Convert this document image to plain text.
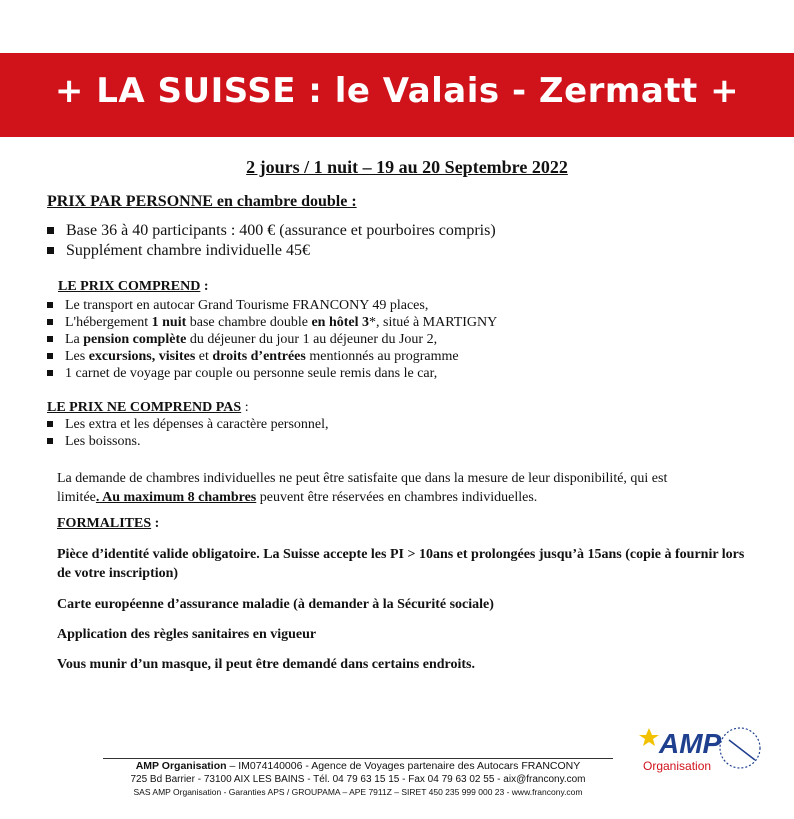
+ LA SUISSE : le Valais - Zermatt +
2 jours / 1 nuit – 19 au 20 Septembre 2022
PRIX PAR PERSONNE en chambre double :
Base 36 à 40 participants : 400 € (assurance et pourboires compris)
Supplément chambre individuelle 45€
LE PRIX COMPREND :
Le transport en autocar Grand Tourisme FRANCONY 49 places,
L'hébergement 1 nuit base chambre double en hôtel 3*, situé à MARTIGNY
La pension complète du déjeuner du jour 1 au déjeuner du Jour 2,
Les excursions, visites et droits d’entrées mentionnés au programme
1 carnet de voyage par couple ou personne seule remis dans le car,
LE PRIX NE COMPREND PAS :
Les extra et les dépenses à caractère personnel,
Les boissons.
La demande de chambres individuelles ne peut être satisfaite que dans la mesure de leur disponibilité, qui est
limitée. Au maximum 8 chambres peuvent être réservées en chambres individuelles.
FORMALITES :
Pièce d’identité valide obligatoire. La Suisse accepte les PI > 10ans et prolongées jusqu’à 15ans (copie à fournir lors de votre inscription)
Carte européenne d’assurance maladie (à demander à la Sécurité sociale)
Application des règles sanitaires en vigueur
Vous munir d’un masque, il peut être demandé dans certains endroits.
AMP Organisation – IM074140006 - Agence de Voyages partenaire des Autocars FRANCONY
725 Bd Barrier - 73100 AIX LES BAINS - Tél. 04 79 63 15 15 - Fax 04 79 63 02 55 - aix@francony.com
SAS AMP Organisation - Garanties APS / GROUPAMA – APE 7911Z – SIRET 450 235 999 000 23 - www.francony.com
AMP
Organisation
